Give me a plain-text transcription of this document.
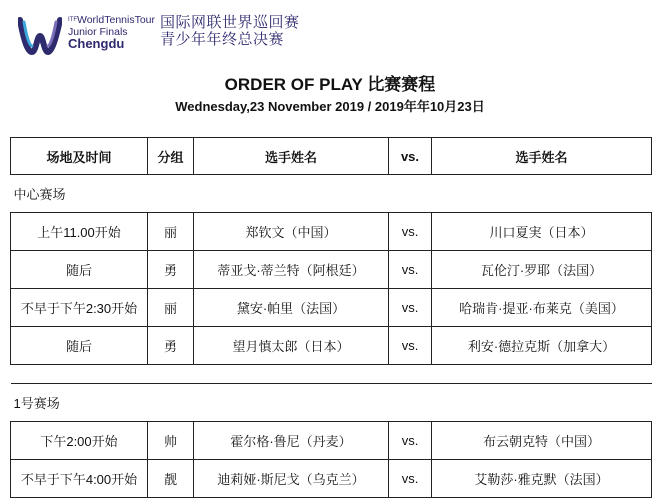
$^{ITF}$WorldTennisTour
Junior Finals
Chengdu
国际网联世界巡回赛
青少年年终总决赛
ORDER OF PLAY 比赛赛程
Wednesday,23 November 2019 / 2019年年10月23日
场地及时间	分组	选手姓名	vs.	选手姓名
中心赛场				
上午11.00开始	丽	郑钦文（中国）	vs.	川口夏実（日本）
随后	勇	蒂亚戈·蒂兰特（阿根廷）	vs.	瓦伦汀·罗耶（法国）
不早于下午2:30开始	丽	黛安·帕里（法国）	vs.	哈瑞肯·提亚·布莱克（美国）
随后	勇	望月慎太郎（日本）	vs.	利安·德拉克斯（加拿大）

1号赛场				
下午2:00开始	帅	霍尔格·鲁尼（丹麦）	vs.	布云朝克特（中国）
不早于下午4:00开始	靓	迪莉娅·斯尼戈（乌克兰）	vs.	艾勒莎·雅克默（法国）
